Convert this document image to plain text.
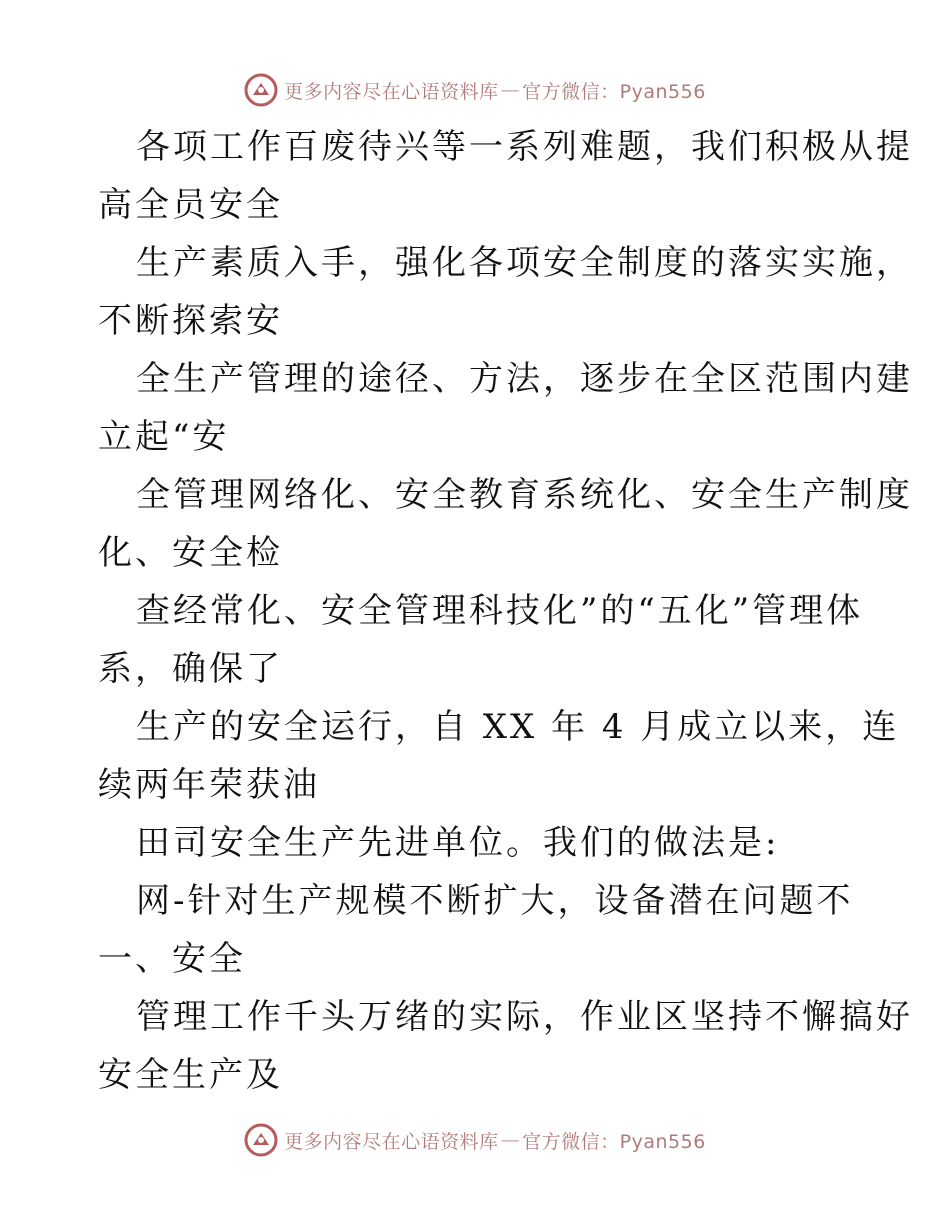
更多内容尽在心语资料库 — 官方微信：Pyan556
各项工作百废待兴等一系列难题，我们积极从提
高全员安全
生产素质入手，强化各项安全制度的落实实施，
不断探索安
全生产管理的途径、方法，逐步在全区范围内建
立起“安
全管理网络化、安全教育系统化、安全生产制度
化、安全检
查经常化、安全管理科技化”的“五化”管理体
系，确保了
生产的安全运行，自 XX 年 4 月成立以来，连
续两年荣获油
田司安全生产先进单位。我们的做法是:
网-针对生产规模不断扩大，设备潜在问题不
一、安全
管理工作千头万绪的实际，作业区坚持不懈搞好
安全生产及
更多内容尽在心语资料库 — 官方微信：Pyan556
